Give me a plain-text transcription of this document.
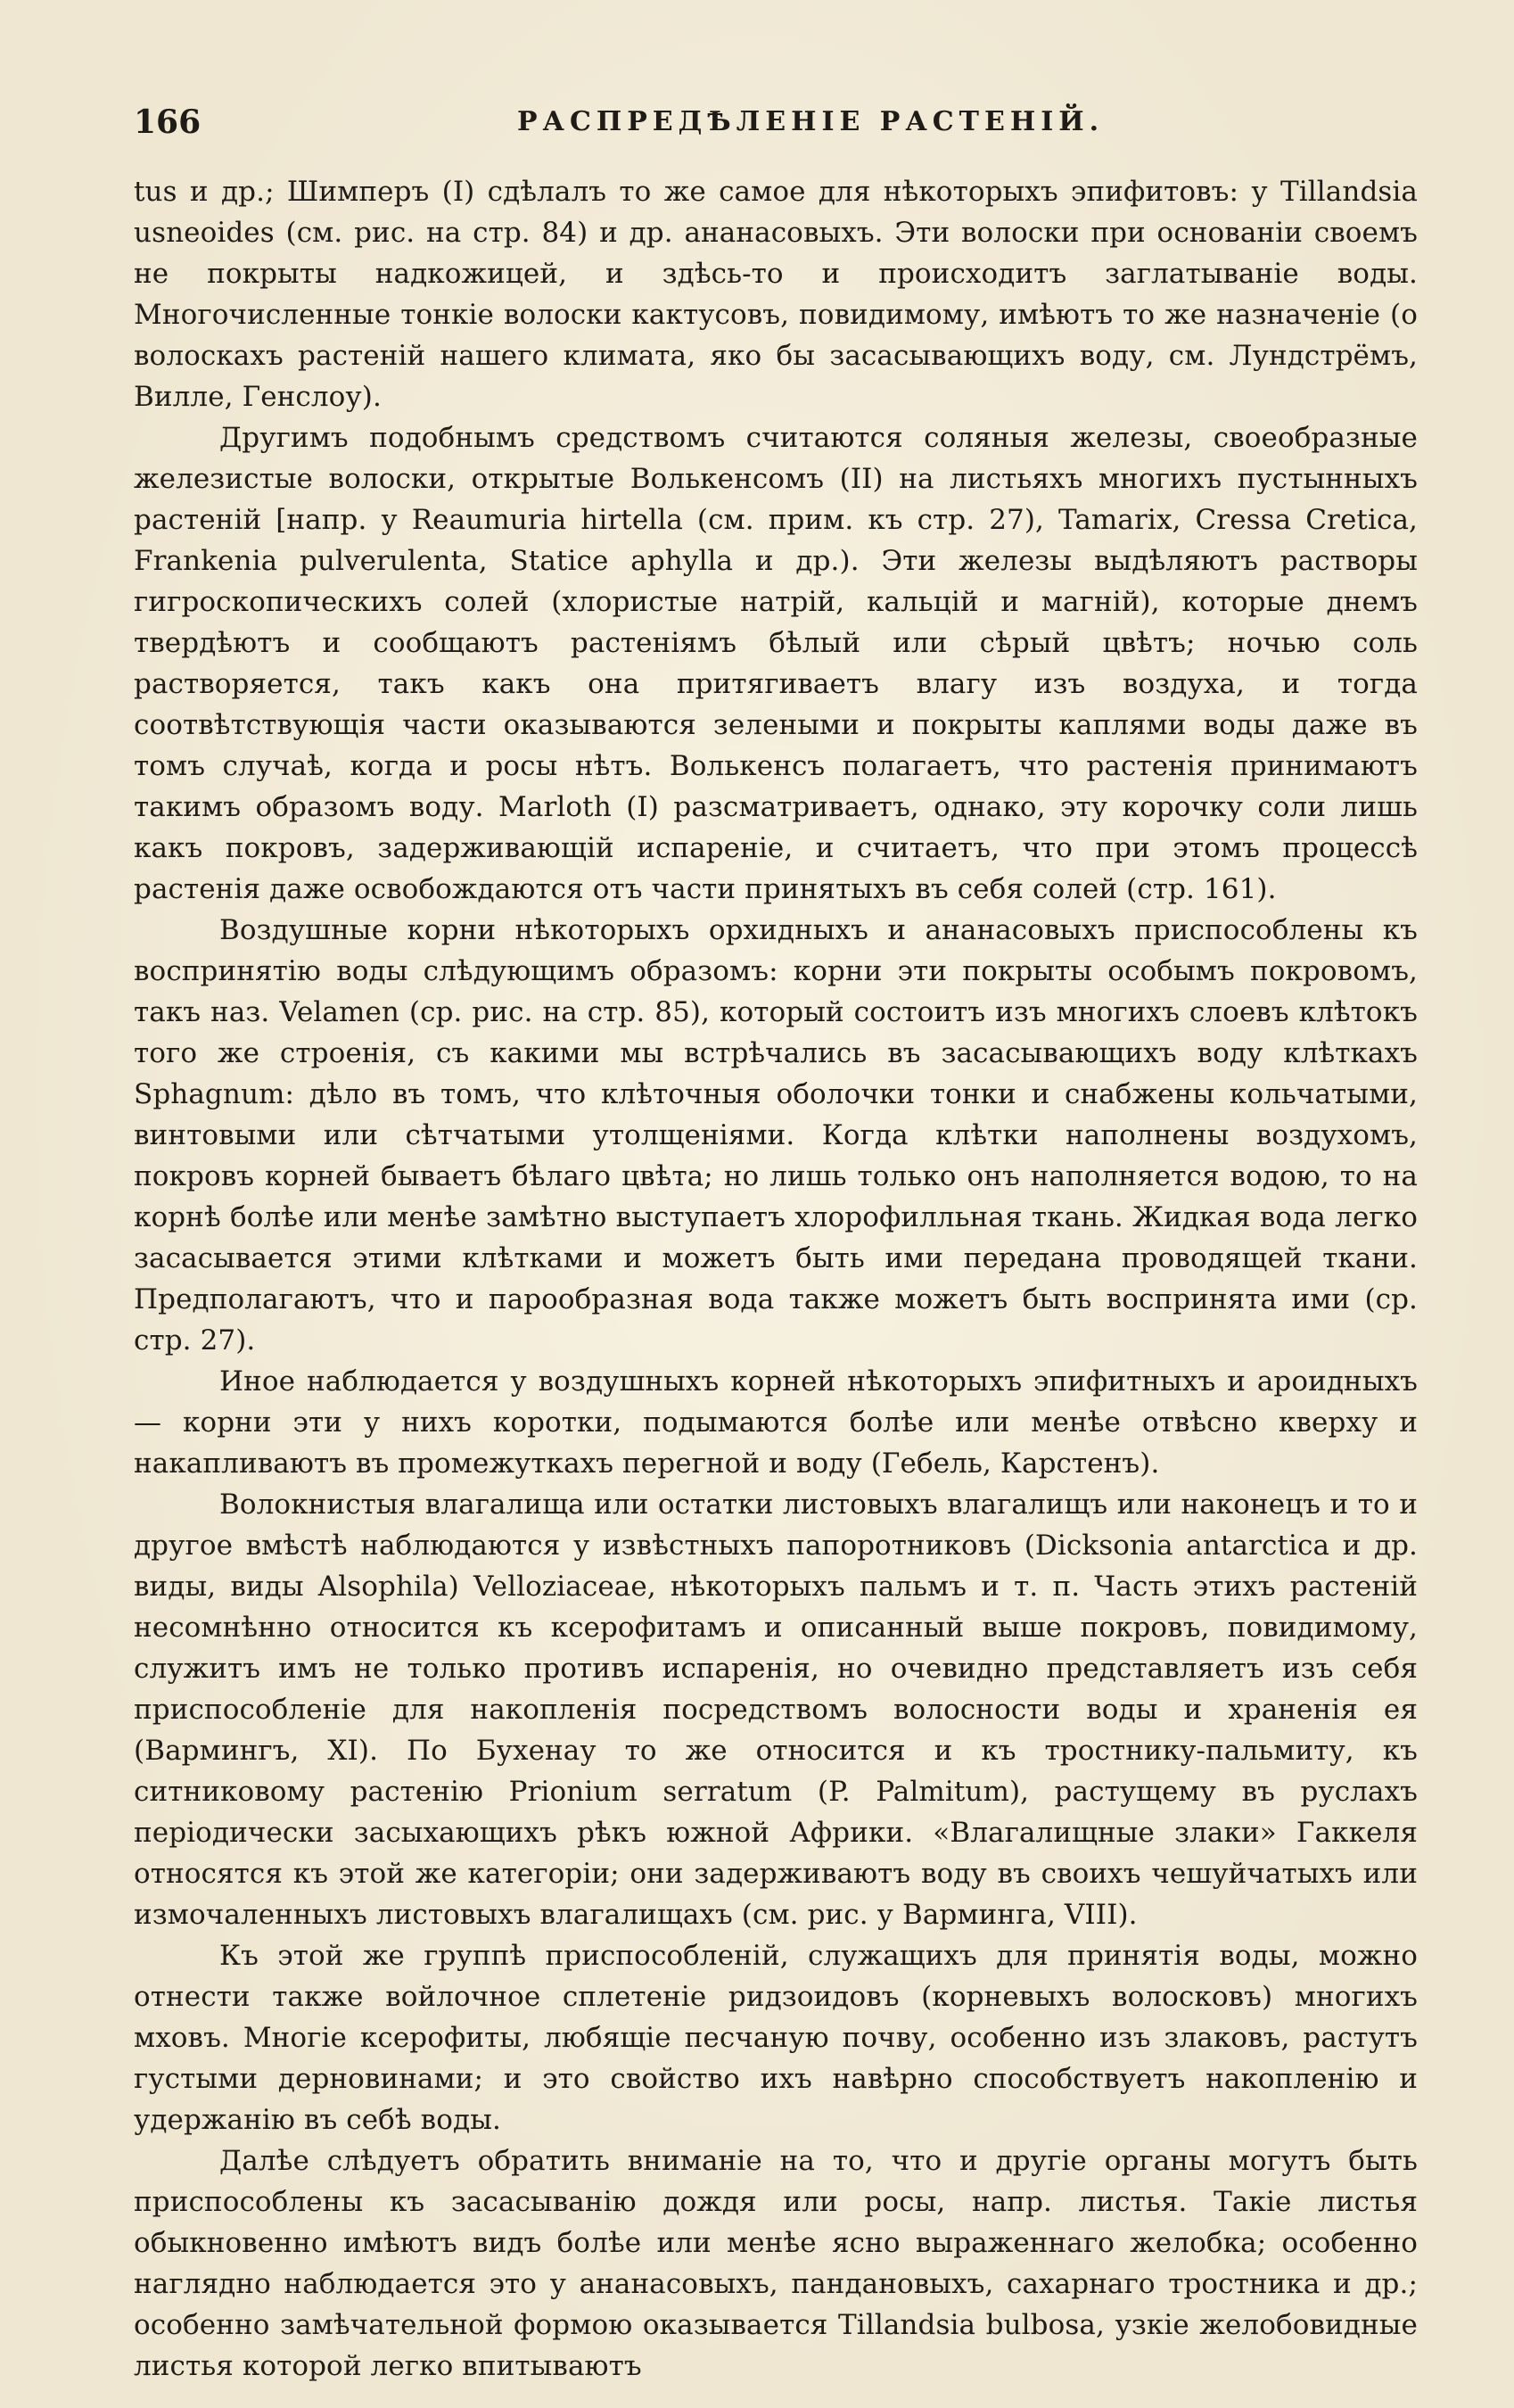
166	РАСПРЕДѢЛЕНІЕ РАСТЕНІЙ.

tus и др.; Шимперъ (I) сдѣлалъ то же самое для нѣкоторыхъ эпифитовъ: у Tillandsia usneoides (см. рис. на стр. 84) и др. ананасовыхъ. Эти волоски при основаніи своемъ не покрыты надкожицей, и здѣсь-то и происходитъ заглатываніе воды. Многочисленные тонкіе волоски кактусовъ, повидимому, имѣютъ то же назначеніе (о волоскахъ растеній нашего климата, яко бы засасывающихъ воду, см. Лундстрёмъ, Вилле, Генслоу).

Другимъ подобнымъ средствомъ считаются соляныя железы, своеобразные железистые волоски, открытые Волькенсомъ (II) на листьяхъ многихъ пустынныхъ растеній [напр. у Reaumuria hirtella (см. прим. къ стр. 27), Tamarix, Cressa Cretica, Frankenia pulverulenta, Statice aphylla и др.). Эти железы выдѣляютъ растворы гигроскопическихъ солей (хлористые натрій, кальцій и магній), которые днемъ твердѣютъ и сообщаютъ растеніямъ бѣлый или сѣрый цвѣтъ; ночью соль растворяется, такъ какъ она притягиваетъ влагу изъ воздуха, и тогда соотвѣтствующія части оказываются зелеными и покрыты каплями воды даже въ томъ случаѣ, когда и росы нѣтъ. Волькенсъ полагаетъ, что растенія принимаютъ такимъ образомъ воду. Marloth (I) разсматриваетъ, однако, эту корочку соли лишь какъ покровъ, задерживающій испареніе, и считаетъ, что при этомъ процессѣ растенія даже освобождаются отъ части принятыхъ въ себя солей (стр. 161).

Воздушные корни нѣкоторыхъ орхидныхъ и ананасовыхъ приспособлены къ воспринятію воды слѣдующимъ образомъ: корни эти покрыты особымъ покровомъ, такъ наз. Velamen (ср. рис. на стр. 85), который состоитъ изъ многихъ слоевъ клѣтокъ того же строенія, съ какими мы встрѣчались въ засасывающихъ воду клѣткахъ Sphagnum: дѣло въ томъ, что клѣточныя оболочки тонки и снабжены кольчатыми, винтовыми или сѣтчатыми утолщеніями. Когда клѣтки наполнены воздухомъ, покровъ корней бываетъ бѣлаго цвѣта; но лишь только онъ наполняется водою, то на корнѣ болѣе или менѣе замѣтно выступаетъ хлорофилльная ткань. Жидкая вода легко засасывается этими клѣтками и можетъ быть ими передана проводящей ткани. Предполагаютъ, что и парообразная вода также можетъ быть воспринята ими (ср. стр. 27).

Иное наблюдается у воздушныхъ корней нѣкоторыхъ эпифитныхъ и ароидныхъ — корни эти у нихъ коротки, подымаются болѣе или менѣе отвѣсно кверху и накапливаютъ въ промежуткахъ перегной и воду (Гебель, Карстенъ).

Волокнистыя влагалища или остатки листовыхъ влагалищъ или наконецъ и то и другое вмѣстѣ наблюдаются у извѣстныхъ папоротниковъ (Dicksonia antarctica и др. виды, виды Alsophila) Velloziaceae, нѣкоторыхъ пальмъ и т. п. Часть этихъ растеній несомнѣнно относится къ ксерофитамъ и описанный выше покровъ, повидимому, служитъ имъ не только противъ испаренія, но очевидно представляетъ изъ себя приспособленіе для накопленія посредствомъ волосности воды и храненія ея (Вармингъ, XI). По Бухенау то же относится и къ тростнику-пальмиту, къ ситниковому растенію Prionium serratum (P. Palmitum), растущему въ руслахъ періодически засыхающихъ рѣкъ южной Африки. «Влагалищные злаки» Гаккеля относятся къ этой же категоріи; они задерживаютъ воду въ своихъ чешуйчатыхъ или измочаленныхъ листовыхъ влагалищахъ (см. рис. у Варминга, VIII).

Къ этой же группѣ приспособленій, служащихъ для принятія воды, можно отнести также войлочное сплетеніе ридзоидовъ (корневыхъ волосковъ) многихъ мховъ. Многіе ксерофиты, любящіе песчаную почву, особенно изъ злаковъ, растутъ густыми дерновинами; и это свойство ихъ навѣрно способствуетъ накопленію и удержанію въ себѣ воды.

Далѣе слѣдуетъ обратить вниманіе на то, что и другіе органы могутъ быть приспособлены къ засасыванію дождя или росы, напр. листья. Такіе листья обыкновенно имѣютъ видъ болѣе или менѣе ясно выраженнаго желобка; особенно наглядно наблюдается это у ананасовыхъ, пандановыхъ, сахарнаго тростника и др.; особенно замѣчательной формою оказывается Tillandsia bulbosa, узкіе желобовидные листья которой легко впитываютъ
